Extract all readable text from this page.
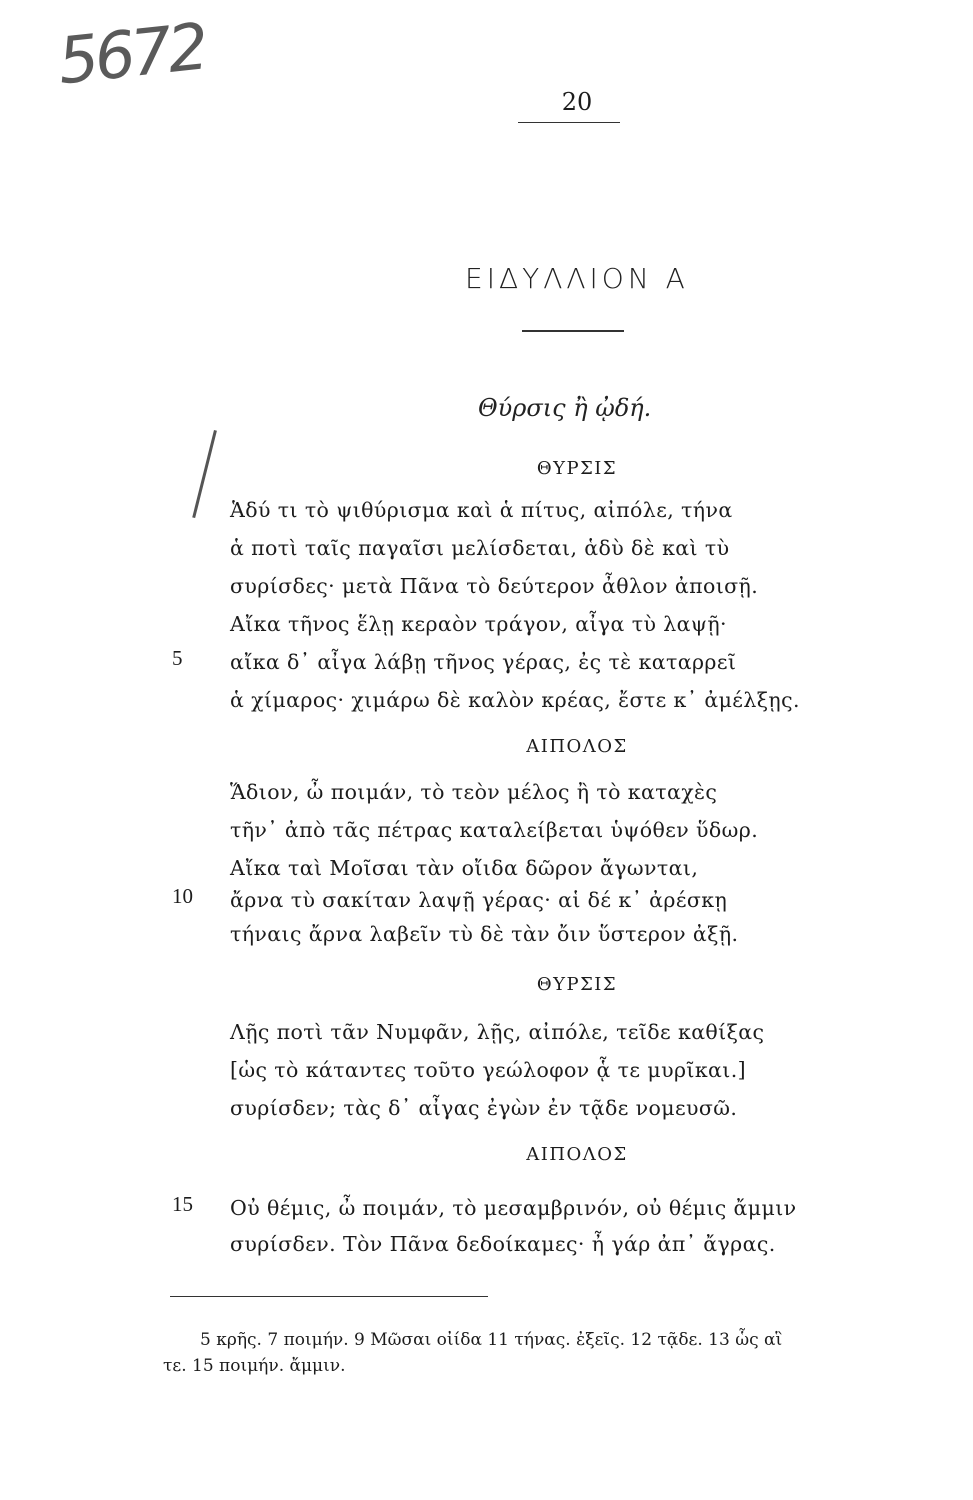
5672
20
ΕΙΔΥΛΛΙΟΝ Α
Θύρσις ἢ ᾠδή.
ΘΥΡΣΙΣ
Ἁδύ τι τὸ ψιθύρισμα καὶ ἁ πίτυς, αἰπόλε, τήνα
ἁ ποτὶ ταῖς παγαῖσι μελίσδεται, ἁδὺ δὲ καὶ τὺ
συρίσδες· μετὰ Πᾶνα τὸ δεύτερον ἆθλον ἀποισῇ.
Αἴκα τῆνος ἕλῃ κεραὸν τράγον, αἶγα τὺ λαψῇ·
5 αἴκα δ᾿ αἶγα λάβῃ τῆνος γέρας, ἐς τὲ καταρρεῖ
ἁ χίμαρος· χιμάρω δὲ καλὸν κρέας, ἔστε κ᾿ ἀμέλξῃς.
ΑΙΠΟΛΟΣ
Ἅδιον, ὦ ποιμάν, τὸ τεὸν μέλος ἢ τὸ καταχὲς
τῆν᾿ ἀπὸ τᾶς πέτρας καταλείβεται ὑψόθεν ὕδωρ.
Αἴκα ταὶ Μοῖσαι τὰν οἴιδα δῶρον ἄγωνται,
10 ἄρνα τὺ σακίταν λαψῇ γέρας· αἱ δέ κ᾿ ἀρέσκῃ
τήναις ἄρνα λαβεῖν τὺ δὲ τὰν ὄιν ὕστερον ἀξῇ.
ΘΥΡΣΙΣ
Λῇς ποτὶ τᾶν Νυμφᾶν, λῇς, αἰπόλε, τεῖδε καθίξας
[ὡς τὸ κάταντες τοῦτο γεώλοφον ᾇ τε μυρῖκαι.]
συρίσδεν; τὰς δ᾿ αἶγας ἐγὼν ἐν τᾷδε νομευσῶ.
ΑΙΠΟΛΟΣ
15 Οὐ θέμις, ὦ ποιμάν, τὸ μεσαμβρινόν, οὐ θέμις ἄμμιν
συρίσδεν. Τὸν Πᾶνα δεδοίκαμες· ἦ γάρ ἀπ᾿ ἄγρας.
5 κρῆς. 7 ποιμήν. 9 Μῶσαι οἰίδα 11 τήνας. ἐξεῖς. 12 τᾷδε. 13 ὧς αἳ
τε. 15 ποιμήν. ἄμμιν.
